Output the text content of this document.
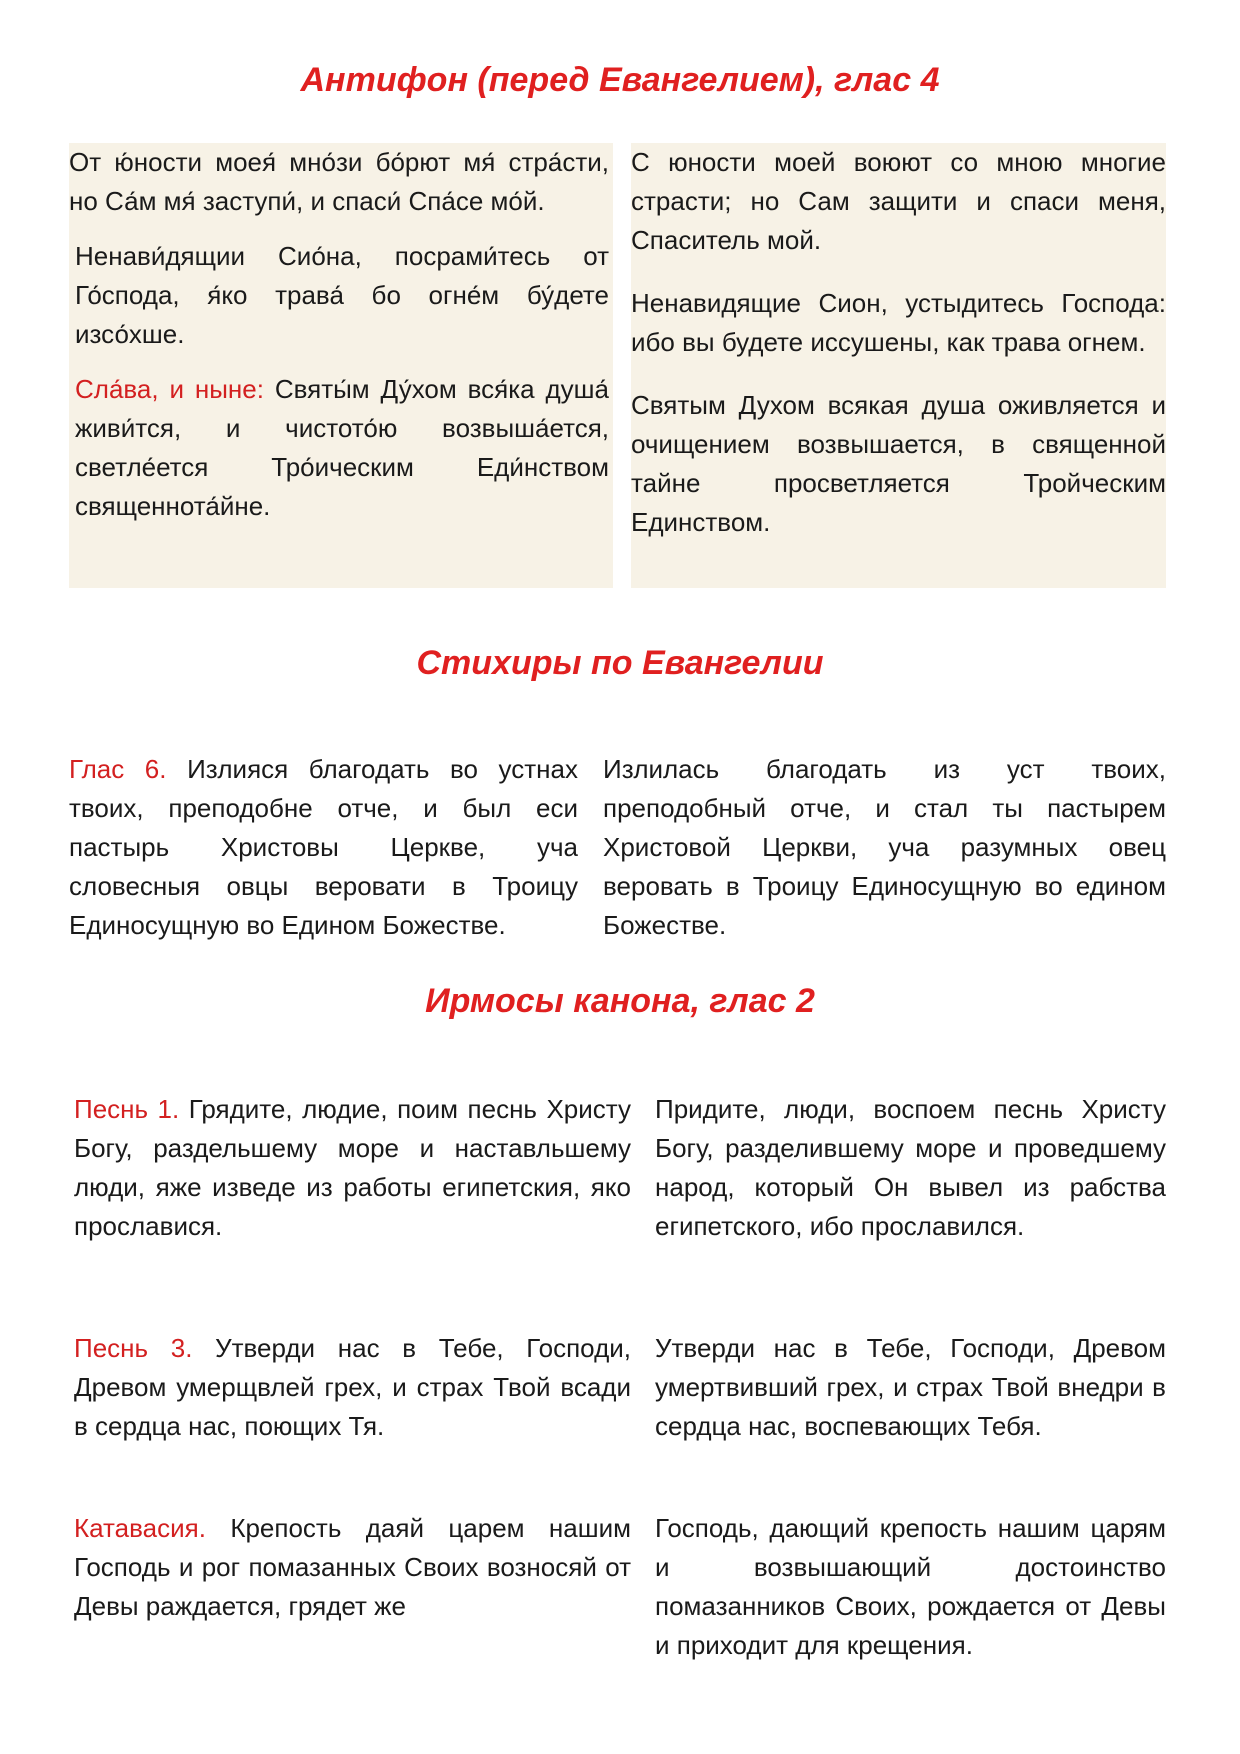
Антифон (перед Евангелием), глас 4

От ю́ности моея́ мно́зи бо́рют мя́ стра́сти, но Са́м мя́ заступи́, и спаси́ Спа́се мо́й.

Ненави́дящии Сио́на, посрами́тесь от Го́спода, я́ко трава́ бо огне́м бу́дете изсо́хше.

Сла́ва, и ныне: Святы́м Ду́хом вся́ка душа́ живи́тся, и чистото́ю возвыша́ется, светле́ется Тро́ическим Еди́нством священнота́йне.

С юности моей воюют со мною многие страсти; но Сам защити и спаси меня, Спаситель мой.

Ненавидящие Сион, устыдитесь Господа: ибо вы будете иссушены, как трава огнем.

Святым Духом всякая душа оживляется и очищением возвышается, в священной тайне просветляется Тройческим Единством.

Стихиры по Евангелии

Глас 6. Излияся благодать во устнах твоих, преподобне отче, и был еси пастырь Христовы Церкве, уча словесныя овцы веровати в Троицу Единосущную во Едином Божестве.

Излилась благодать из уст твоих, преподобный отче, и стал ты пастырем Христовой Церкви, уча разумных овец веровать в Троицу Единосущную во едином Божестве.

Ирмосы канона, глас 2

Песнь 1. Грядите, людие, поим песнь Христу Богу, раздельшему море и наставльшему люди, яже изведе из работы египетския, яко прославися.

Придите, люди, воспоем песнь Христу Богу, разделившему море и проведшему народ, который Он вывел из рабства египетского, ибо прославился.

Песнь 3. Утверди нас в Тебе, Господи, Древом умерщвлей грех, и страх Твой всади в сердца нас, поющих Тя.

Утверди нас в Тебе, Господи, Древом умертвивший грех, и страх Твой внедри в сердца нас, воспевающих Тебя.

Катавасия. Крепость даяй царем нашим Господь и рог помазанных Своих возносяй от Девы раждается, грядет же

Господь, дающий крепость нашим царям и возвышающий достоинство помазанников Своих, рождается от Девы и приходит для крещения.
